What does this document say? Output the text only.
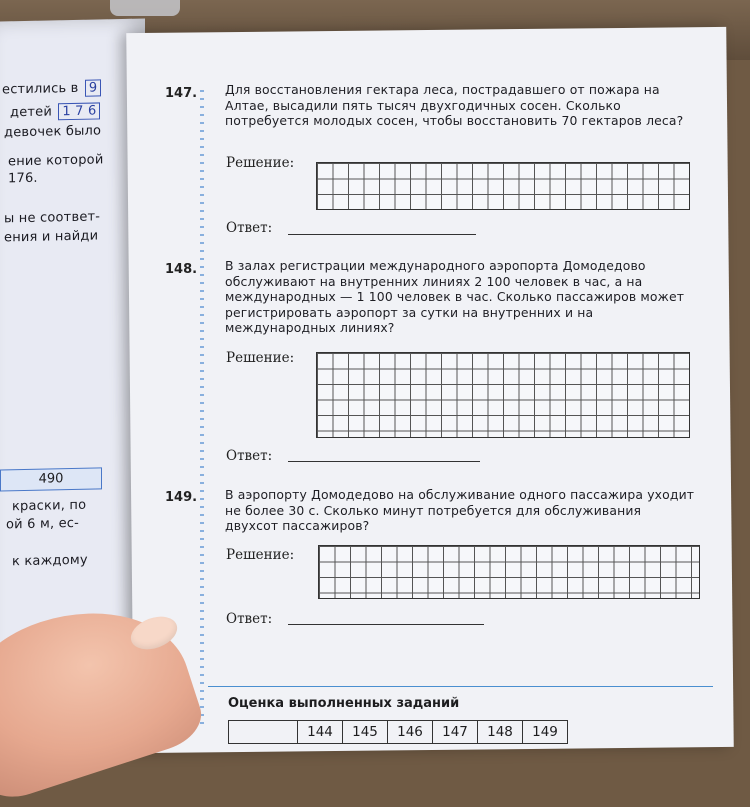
естились в 9
детей 1 7 6
девочек было
ение которой
176.
ы не соответ-
ения и найди
490
краски, по
ой 6 м, ес-
к каждому
147. Для восстановления гектара леса, пострадавшего от пожара на Алтае, высадили пять тысяч двухгодичных сосен. Сколько потребуется молодых сосен, чтобы восстановить 70 гектаров леса?
Решение:
Ответ:
148. В залах регистрации международного аэропорта Домодедово обслуживают на внутренних линиях 2 100 человек в час, а на международных — 1 100 человек в час. Сколько пассажиров может регистрировать аэропорт за сутки на внутренних и на международных линиях?
Решение:
Ответ:
149. В аэропорту Домодедово на обслуживание одного пассажира уходит не более 30 с. Сколько минут потребуется для обслуживания двухсот пассажиров?
Решение:
Ответ:
Оценка выполненных заданий
	144	145	146	147	148	149
